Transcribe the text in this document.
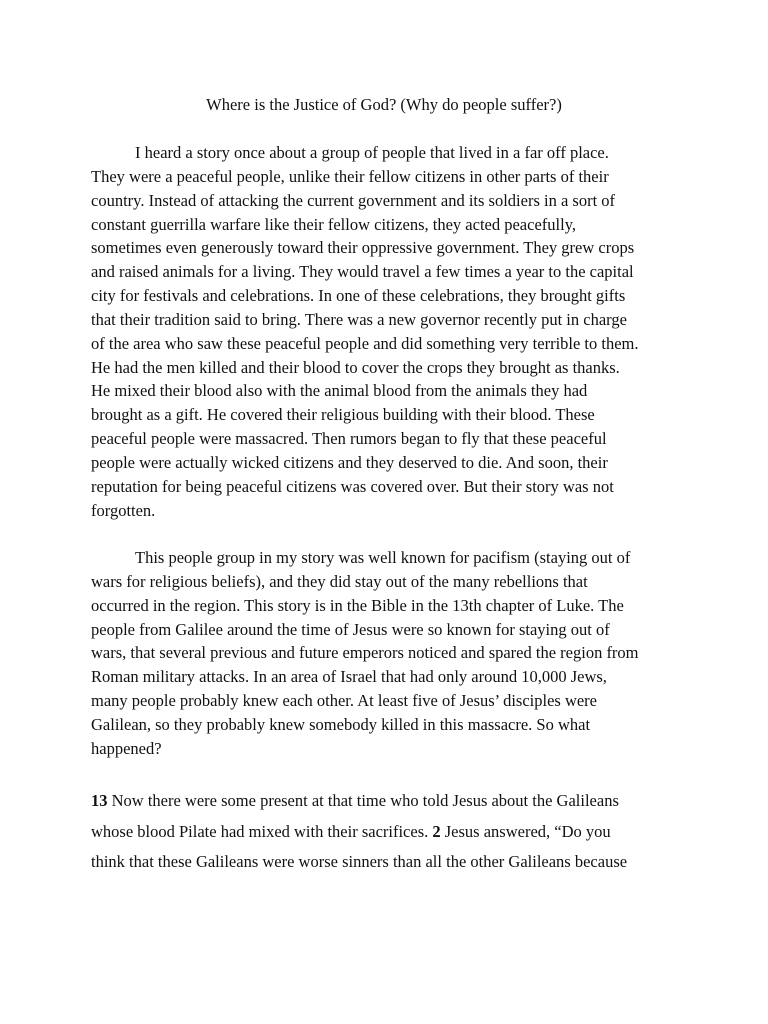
Where is the Justice of God? (Why do people suffer?)
I heard a story once about a group of people that lived in a far off place.
They were a peaceful people, unlike their fellow citizens in other parts of their
country. Instead of attacking the current government and its soldiers in a sort of
constant guerrilla warfare like their fellow citizens, they acted peacefully,
sometimes even generously toward their oppressive government. They grew crops
and raised animals for a living. They would travel a few times a year to the capital
city for festivals and celebrations. In one of these celebrations, they brought gifts
that their tradition said to bring. There was a new governor recently put in charge
of the area who saw these peaceful people and did something very terrible to them.
He had the men killed and their blood to cover the crops they brought as thanks.
He mixed their blood also with the animal blood from the animals they had
brought as a gift. He covered their religious building with their blood. These
peaceful people were massacred. Then rumors began to fly that these peaceful
people were actually wicked citizens and they deserved to die. And soon, their
reputation for being peaceful citizens was covered over. But their story was not
forgotten.
This people group in my story was well known for pacifism (staying out of
wars for religious beliefs), and they did stay out of the many rebellions that
occurred in the region. This story is in the Bible in the 13th chapter of Luke. The
people from Galilee around the time of Jesus were so known for staying out of
wars, that several previous and future emperors noticed and spared the region from
Roman military attacks. In an area of Israel that had only around 10,000 Jews,
many people probably knew each other. At least five of Jesus’ disciples were
Galilean, so they probably knew somebody killed in this massacre. So what
happened?
13 Now there were some present at that time who told Jesus about the Galileans
whose blood Pilate had mixed with their sacrifices. 2 Jesus answered, “Do you
think that these Galileans were worse sinners than all the other Galileans because
